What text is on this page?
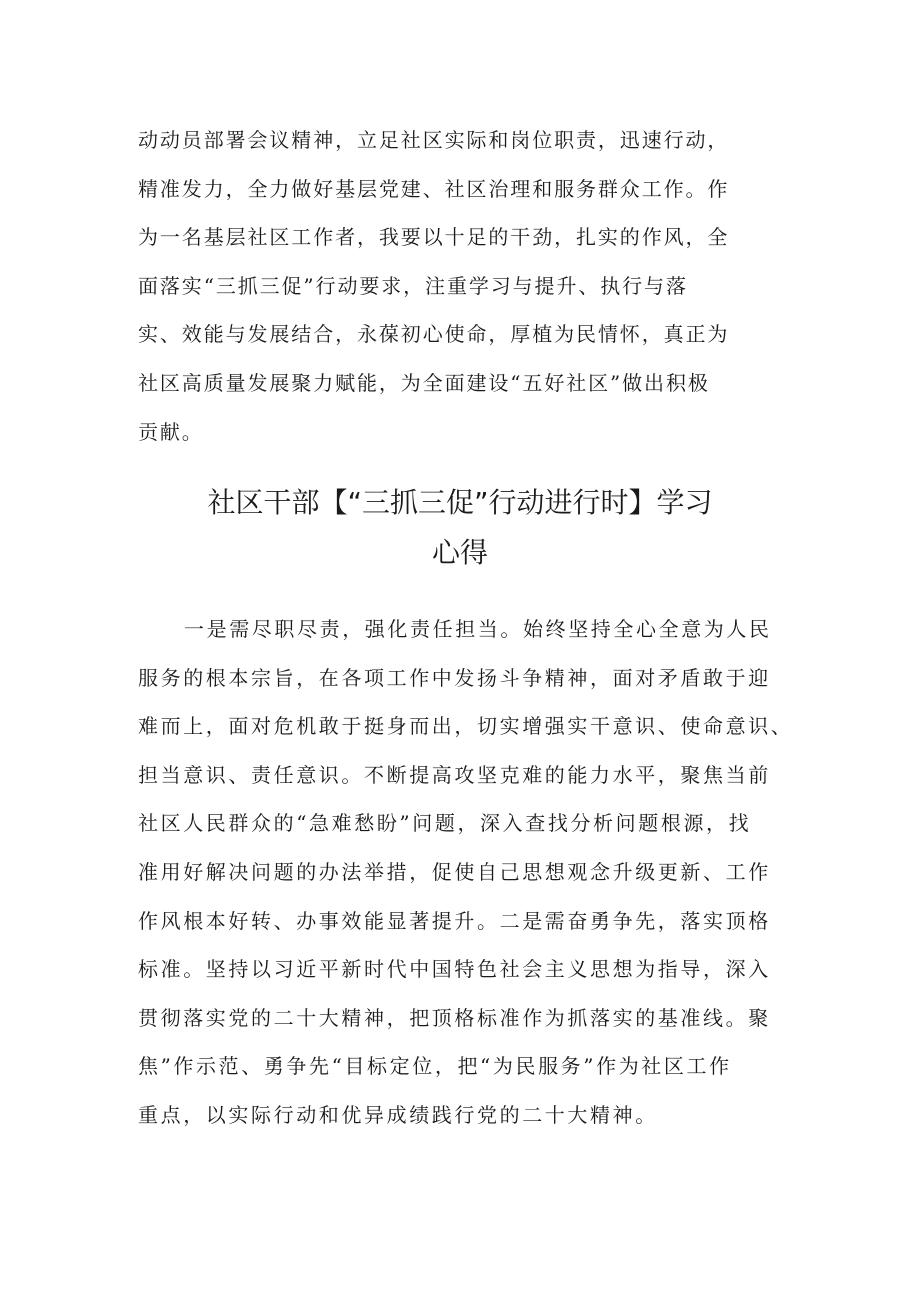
动动员部署会议精神，立足社区实际和岗位职责，迅速行动，
精准发力，全力做好基层党建、社区治理和服务群众工作。作
为一名基层社区工作者，我要以十足的干劲，扎实的作风，全
面落实“三抓三促”行动要求，注重学习与提升、执行与落
实、效能与发展结合，永葆初心使命，厚植为民情怀，真正为
社区高质量发展聚力赋能，为全面建设“五好社区”做出积极
贡献。
社区干部【“三抓三促”行动进行时】学习
心得
一是需尽职尽责，强化责任担当。始终坚持全心全意为人民
服务的根本宗旨，在各项工作中发扬斗争精神，面对矛盾敢于迎
难而上，面对危机敢于挺身而出，切实增强实干意识、使命意识、
担当意识、责任意识。不断提高攻坚克难的能力水平，聚焦当前
社区人民群众的“急难愁盼”问题，深入查找分析问题根源，找
准用好解决问题的办法举措，促使自己思想观念升级更新、工作
作风根本好转、办事效能显著提升。二是需奋勇争先，落实顶格
标准。坚持以习近平新时代中国特色社会主义思想为指导，深入
贯彻落实党的二十大精神，把顶格标准作为抓落实的基准线。聚
焦”作示范、勇争先“目标定位，把“为民服务”作为社区工作
重点，以实际行动和优异成绩践行党的二十大精神。
